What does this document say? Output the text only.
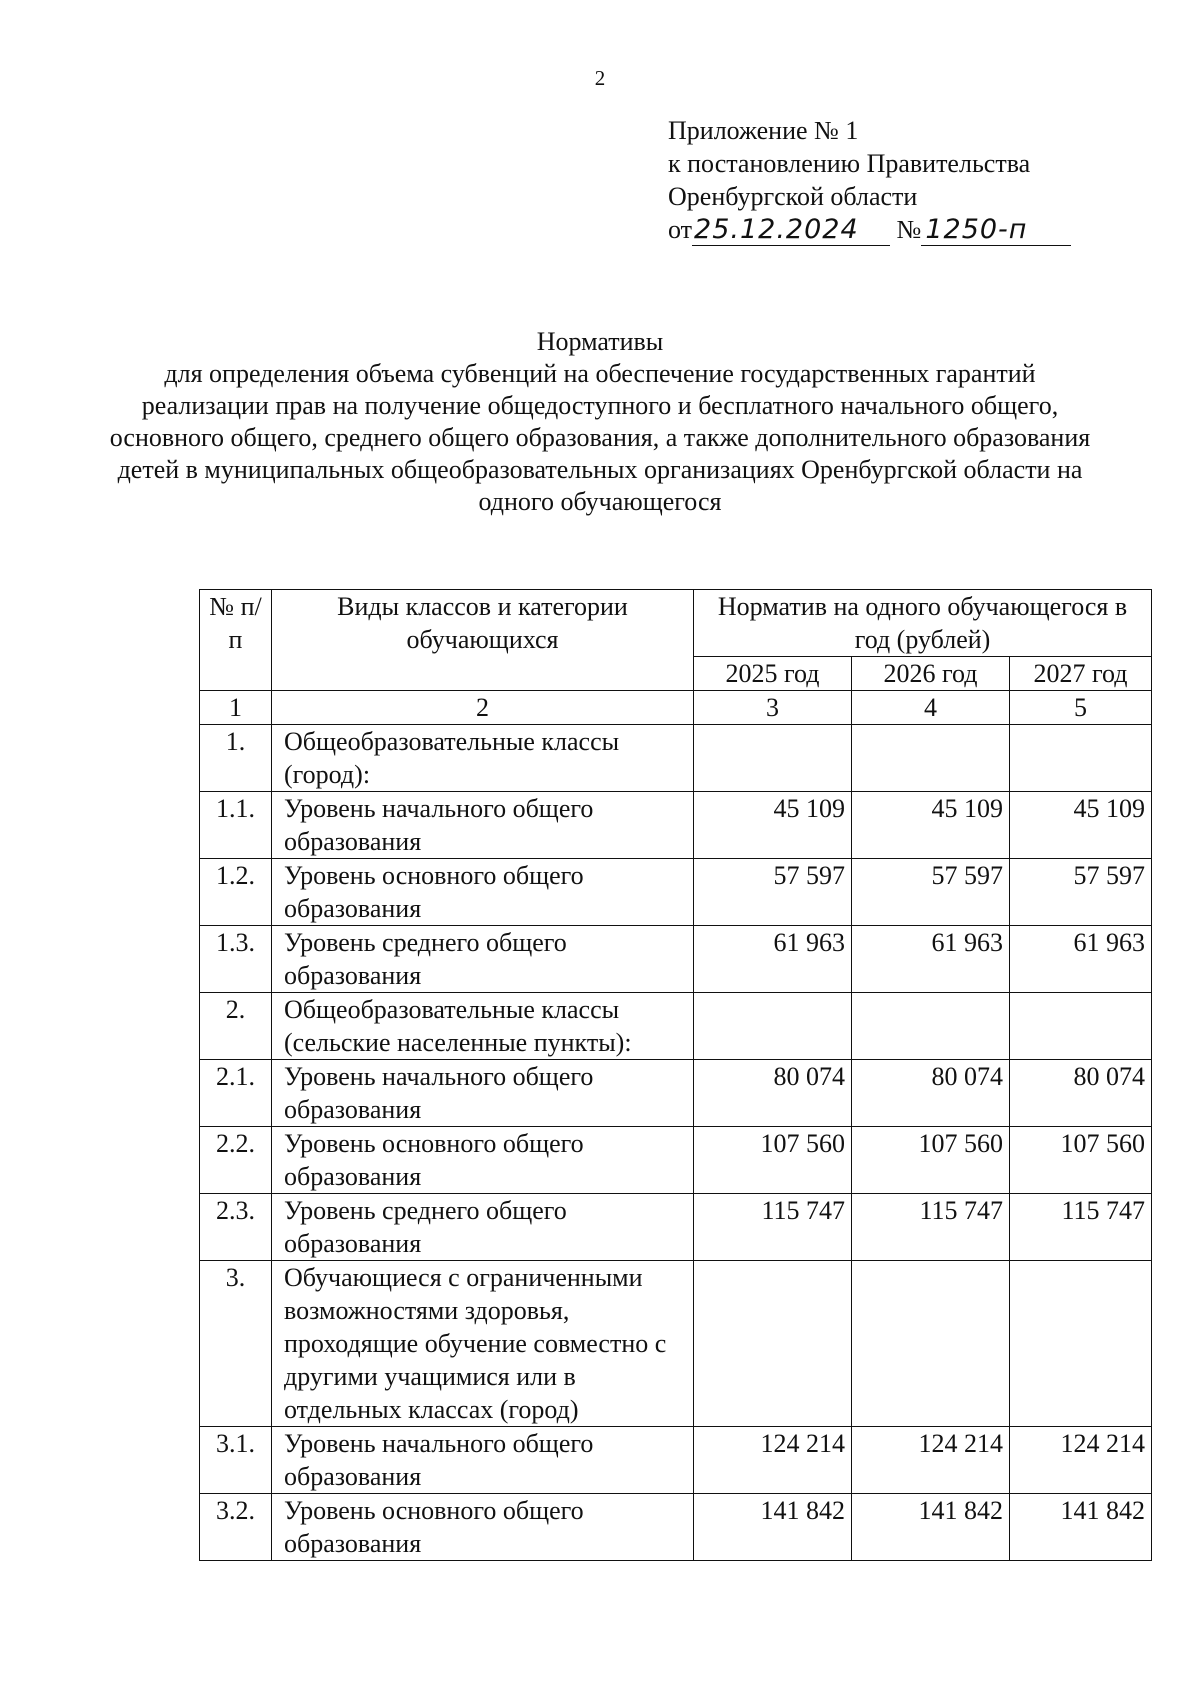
2
Приложение № 1
к постановлению Правительства
Оренбургской области
от25.12.2024 № 1250-п
Нормативы
для определения объема субвенций на обеспечение государственных гарантий реализации прав на получение общедоступного и бесплатного начального общего, основного общего, среднего общего образования, а также дополнительного образования детей в муниципальных общеобразовательных организациях Оренбургской области на одного обучающегося
№ п/п	Виды классов и категории обучающихся	Норматив на одного обучающегося в год (рублей)		
		2025 год	2026 год	2027 год
1	2	3	4	5
1.	Общеобразовательные классы (город):			
1.1.	Уровень начального общего образования	45 109	45 109	45 109
1.2.	Уровень основного общего образования	57 597	57 597	57 597
1.3.	Уровень среднего общего образования	61 963	61 963	61 963
2.	Общеобразовательные классы (сельские населенные пункты):			
2.1.	Уровень начального общего образования	80 074	80 074	80 074
2.2.	Уровень основного общего образования	107 560	107 560	107 560
2.3.	Уровень среднего общего образования	115 747	115 747	115 747
3.	Обучающиеся с ограниченными возможностями здоровья, проходящие обучение совместно с другими учащимися или в отдельных классах (город)			
3.1.	Уровень начального общего образования	124 214	124 214	124 214
3.2.	Уровень основного общего образования	141 842	141 842	141 842
